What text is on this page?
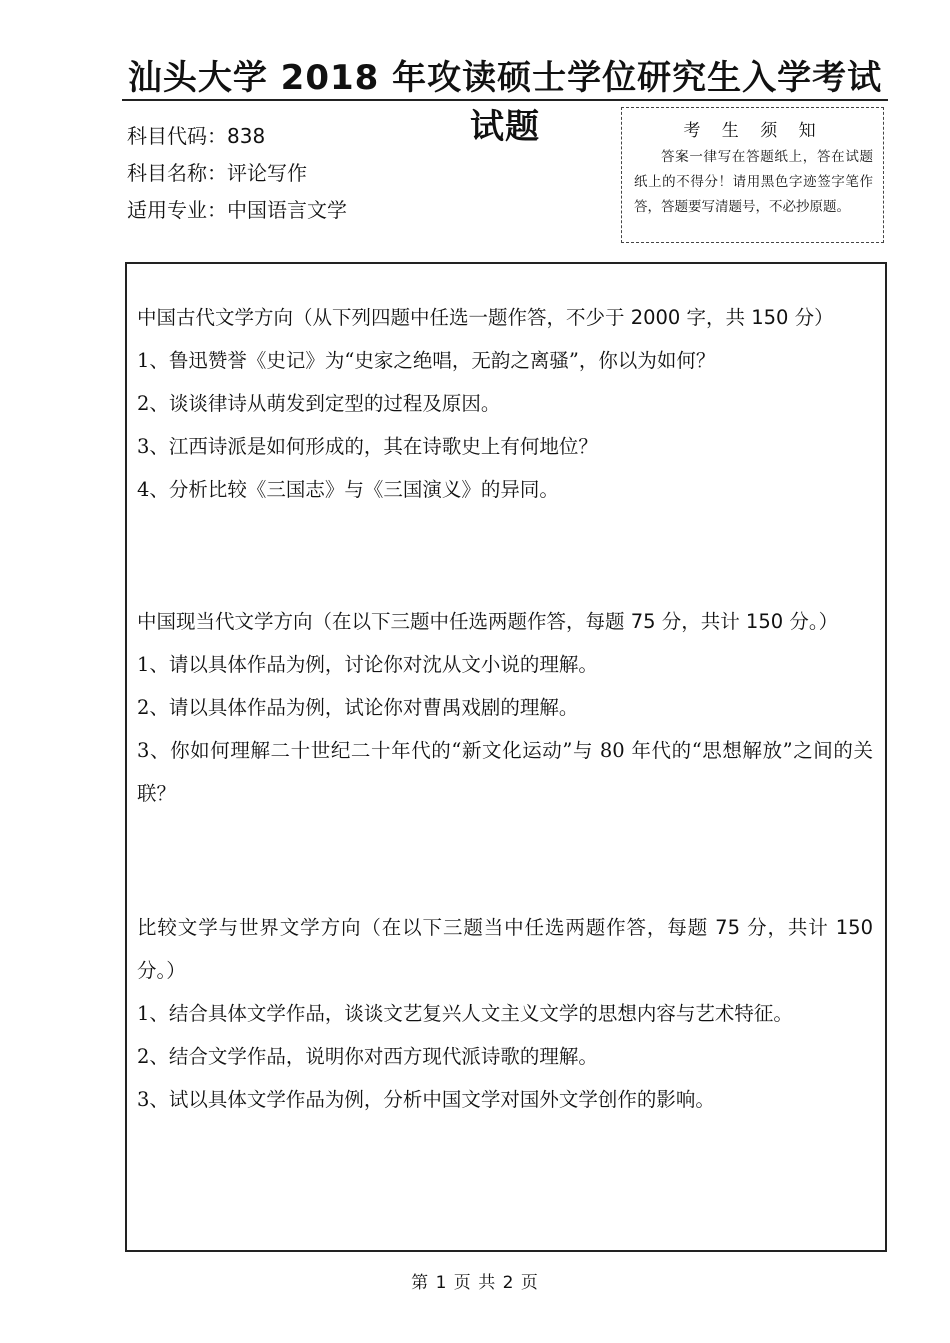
汕头大学 2018 年攻读硕士学位研究生入学考试试题
科目代码：838
科目名称：评论写作
适用专业：中国语言文学
考 生 须 知
答案一律写在答题纸上，答在试题纸上的不得分！请用黑色字迹签字笔作答，答题要写清题号，不必抄原题。
中国古代文学方向（从下列四题中任选一题作答，不少于 2000 字，共 150 分）
1、鲁迅赞誉《史记》为“史家之绝唱，无韵之离骚”，你以为如何？
2、谈谈律诗从萌发到定型的过程及原因。
3、江西诗派是如何形成的，其在诗歌史上有何地位？
4、分析比较《三国志》与《三国演义》的异同。
中国现当代文学方向（在以下三题中任选两题作答，每题 75 分，共计 150 分。）
1、请以具体作品为例，讨论你对沈从文小说的理解。
2、请以具体作品为例，试论你对曹禺戏剧的理解。
3、你如何理解二十世纪二十年代的“新文化运动”与 80 年代的“思想解放”之间的关联？
比较文学与世界文学方向（在以下三题当中任选两题作答，每题 75 分，共计 150 分。）
1、结合具体文学作品，谈谈文艺复兴人文主义文学的思想内容与艺术特征。
2、结合文学作品，说明你对西方现代派诗歌的理解。
3、试以具体文学作品为例，分析中国文学对国外文学创作的影响。
第 1 页 共 2 页
